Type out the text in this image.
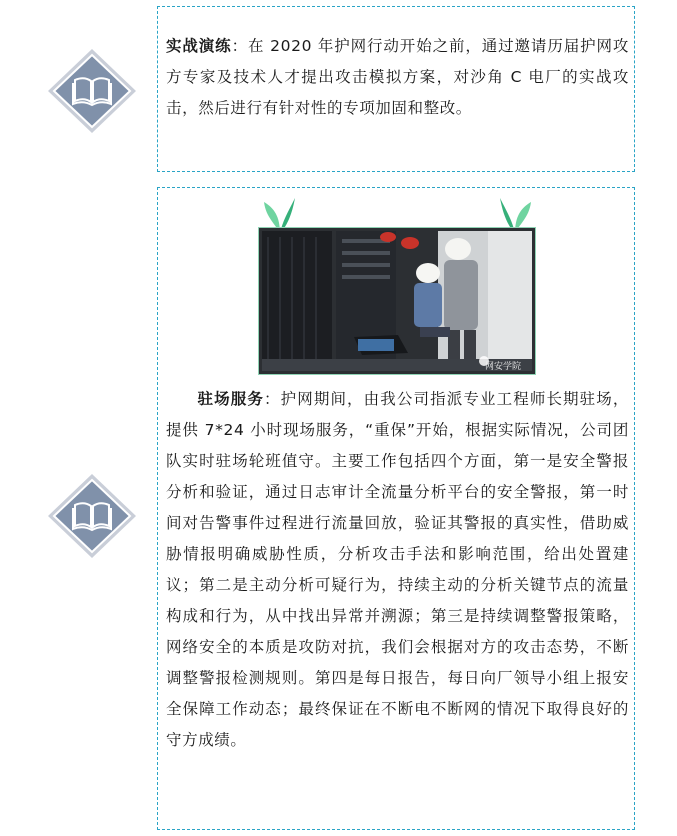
实战演练：在 2020 年护网行动开始之前，通过邀请历届护网攻方专家及技术人才提出攻击模拟方案，对沙角 C 电厂的实战攻击，然后进行有针对性的专项加固和整改。

网安学院

驻场服务：护网期间，由我公司指派专业工程师长期驻场，提供 7*24 小时现场服务，“重保”开始，根据实际情况，公司团队实时驻场轮班值守。主要工作包括四个方面，第一是安全警报分析和验证，通过日志审计全流量分析平台的安全警报，第一时间对告警事件过程进行流量回放，验证其警报的真实性，借助威胁情报明确威胁性质，分析攻击手法和影响范围，给出处置建议；第二是主动分析可疑行为，持续主动的分析关键节点的流量构成和行为，从中找出异常并溯源；第三是持续调整警报策略，网络安全的本质是攻防对抗，我们会根据对方的攻击态势，不断调整警报检测规则。第四是每日报告，每日向厂领导小组上报安全保障工作动态；最终保证在不断电不断网的情况下取得良好的守方成绩。
